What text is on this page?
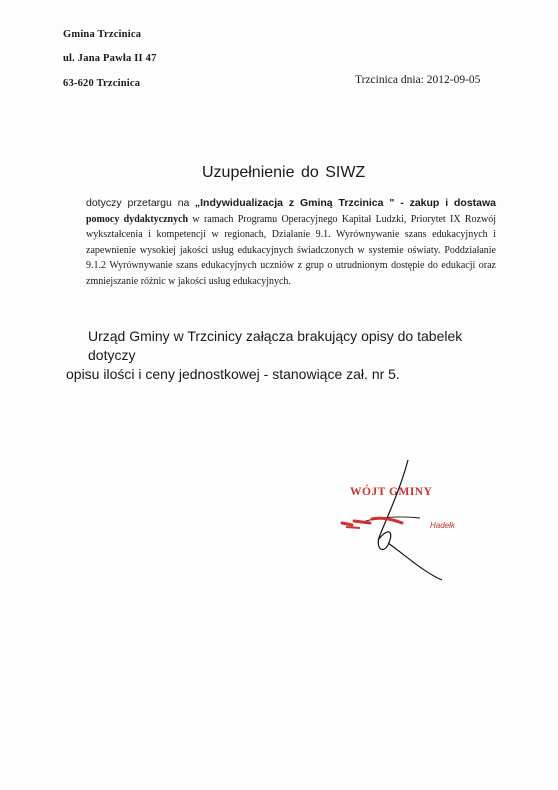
Gmina Trzcinica
ul. Jana Pawła II 47
63-620 Trzcinica	Trzcinica dnia: 2012-09-05
Uzupełnienie do SIWZ
dotyczy przetargu na „Indywidualizacja z Gminą Trzcinica " - zakup i dostawa pomocy dydaktycznych w ramach Programu Operacyjnego Kapitał Ludzki, Priorytet IX Rozwój wykształcenia i kompetencji w regionach, Działanie 9.1. Wyrównywanie szans edukacyjnych i zapewnienie wysokiej jakości usług edukacyjnych świadczonych w systemie oświaty. Poddziałanie 9.1.2 Wyrównywanie szans edukacyjnych uczniów z grup o utrudnionym dostępie do edukacji oraz zmniejszanie różnic w jakości usług edukacyjnych.
Urząd Gminy w Trzcinicy załącza brakujący opisy do tabelek dotyczy
opisu ilości i ceny jednostkowej - stanowiące zał. nr 5.
WÓJT GMINY
Hadełk
